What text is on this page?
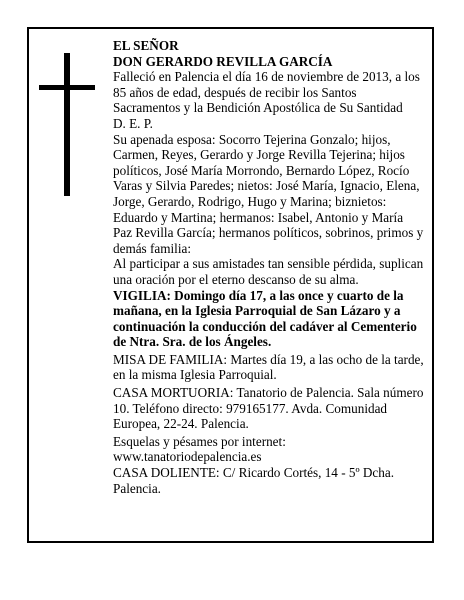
EL SEÑOR

DON GERARDO REVILLA GARCÍA

Falleció en Palencia el día 16 de noviembre de 2013, a los 85 años de edad, después de recibir los Santos Sacramentos y la Bendición Apostólica de Su Santidad

D. E. P.

Su apenada esposa: Socorro Tejerina Gonzalo; hijos, Carmen, Reyes, Gerardo y Jorge Revilla Tejerina; hijos políticos, José María Morrondo, Bernardo López, Rocío Varas y Silvia Paredes; nietos: José María, Ignacio, Elena, Jorge, Gerardo, Rodrigo, Hugo y Marina; biznietos: Eduardo y Martina; hermanos: Isabel, Antonio y María Paz Revilla García; hermanos políticos, sobrinos, primos y demás familia:

Al participar a sus amistades tan sensible pérdida, suplican una oración por el eterno descanso de su alma.

VIGILIA: Domingo día 17, a las once y cuarto de la mañana, en la Iglesia Parroquial de San Lázaro y a continuación la conducción del cadáver al Cementerio de Ntra. Sra. de los Ángeles.

MISA DE FAMILIA: Martes día 19, a las ocho de la tarde, en la misma Iglesia Parroquial.

CASA MORTUORIA: Tanatorio de Palencia. Sala número 10. Teléfono directo: 979165177. Avda. Comunidad Europea, 22-24. Palencia.

Esquelas y pésames por internet:

www.tanatoriodepalencia.es

CASA DOLIENTE: C/ Ricardo Cortés, 14 - 5º Dcha. Palencia.
